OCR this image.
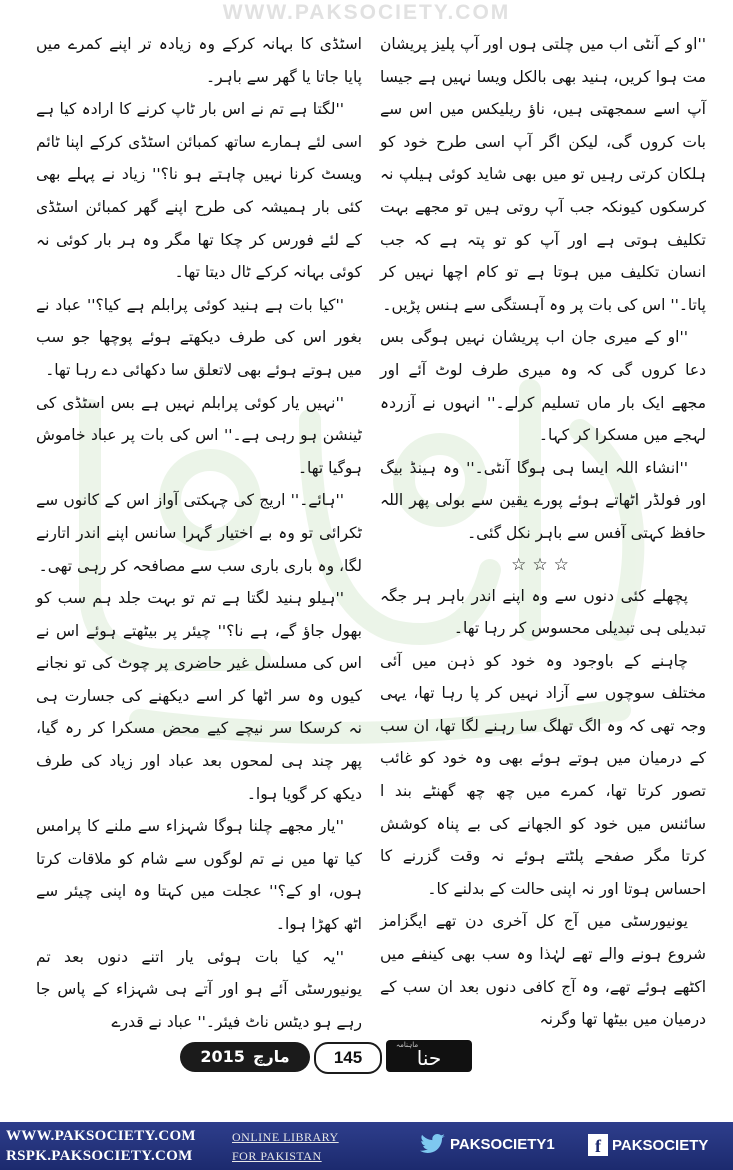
WWW.PAKSOCIETY.COM

''او کے آنٹی اب میں چلتی ہوں اور آپ پلیز پریشان مت ہوا کریں، ہنید بھی بالکل ویسا نہیں ہے جیسا آپ اسے سمجھتی ہیں، ناؤ ریلیکس میں اس سے بات کروں گی، لیکن اگر آپ اسی طرح خود کو ہلکان کرتی رہیں تو میں بھی شاید کوئی ہیلپ نہ کرسکوں کیونکہ جب آپ روتی ہیں تو مجھے بہت تکلیف ہوتی ہے اور آپ کو تو پتہ ہے کہ جب انسان تکلیف میں ہوتا ہے تو کام اچھا نہیں کر پاتا۔'' اس کی بات پر وہ آہستگی سے ہنس پڑیں۔

''او کے میری جان اب پریشان نہیں ہوگی بس دعا کروں گی کہ وہ میری طرف لوٹ آئے اور مجھے ایک بار ماں تسلیم کرلے۔'' انہوں نے آزردہ لہجے میں مسکرا کر کہا۔

''انشاء اللہ ایسا ہی ہوگا آنٹی۔'' وہ ہینڈ بیگ اور فولڈر اٹھاتے ہوئے پورے یقین سے بولی پھر اللہ حافظ کہتی آفس سے باہر نکل گئی۔

☆☆☆

پچھلے کئی دنوں سے وہ اپنے اندر باہر ہر جگہ تبدیلی ہی تبدیلی محسوس کر رہا تھا۔

چاہنے کے باوجود وہ خود کو ذہن میں آئی مختلف سوچوں سے آزاد نہیں کر پا رہا تھا، یہی وجہ تھی کہ وہ الگ تھلگ سا رہنے لگا تھا، ان سب کے درمیان میں ہوتے ہوئے بھی وہ خود کو غائب تصور کرتا تھا، کمرے میں چھ چھ گھنٹے بند ا سائنس میں خود کو الجھانے کی بے پناہ کوشش کرتا مگر صفحے پلٹتے ہوئے نہ وقت گزرنے کا احساس ہوتا اور نہ اپنی حالت کے بدلنے کا۔

یونیورسٹی میں آج کل آخری دن تھے ایگزامز شروع ہونے والے تھے لہٰذا وہ سب بھی کینفے میں اکٹھے ہوئے تھے، وہ آج کافی دنوں بعد ان سب کے درمیان میں بیٹھا تھا وگرنہ

اسٹڈی کا بہانہ کرکے وہ زیادہ تر اپنے کمرے میں پایا جاتا یا گھر سے باہر۔

''لگتا ہے تم نے اس بار ٹاپ کرنے کا ارادہ کیا ہے اسی لئے ہمارے ساتھ کمبائن اسٹڈی کرکے اپنا ٹائم ویسٹ کرنا نہیں چاہتے ہو نا؟'' زیاد نے پہلے بھی کئی بار ہمیشہ کی طرح اپنے گھر کمبائن اسٹڈی کے لئے فورس کر چکا تھا مگر وہ ہر بار کوئی نہ کوئی بہانہ کرکے ٹال دیتا تھا۔

''کیا بات ہے ہنید کوئی پرابلم ہے کیا؟'' عباد نے بغور اس کی طرف دیکھتے ہوئے پوچھا جو سب میں ہوتے ہوئے بھی لاتعلق سا دکھائی دے رہا تھا۔

''نہیں یار کوئی پرابلم نہیں ہے بس اسٹڈی کی ٹینشن ہو رہی ہے۔'' اس کی بات پر عباد خاموش ہوگیا تھا۔

''ہائے۔'' اریج کی چہکتی آواز اس کے کانوں سے ٹکرائی تو وہ بے اختیار گہرا سانس اپنے اندر اتارنے لگا، وہ باری باری سب سے مصافحہ کر رہی تھی۔

''ہیلو ہنید لگتا ہے تم تو بہت جلد ہم سب کو بھول جاؤ گے، ہے نا؟'' چیئر پر بیٹھتے ہوئے اس نے اس کی مسلسل غیر حاضری پر چوٹ کی تو نجانے کیوں وہ سر اٹھا کر اسے دیکھنے کی جسارت ہی نہ کرسکا سر نیچے کیے محض مسکرا کر رہ گیا، پھر چند ہی لمحوں بعد عباد اور زیاد کی طرف دیکھ کر گویا ہوا۔

''یار مجھے چلنا ہوگا شہزاء سے ملنے کا پرامس کیا تھا میں نے تم لوگوں سے شام کو ملاقات کرتا ہوں، او کے؟'' عجلت میں کہتا وہ اپنی چیئر سے اٹھ کھڑا ہوا۔

''یہ کیا بات ہوئی یار اتنے دنوں بعد تم یونیورسٹی آئے ہو اور آتے ہی شہزاء کے پاس جا رہے ہو دیٹس ناٹ فیئر۔'' عباد نے قدرے

2015 مارچ	145
ماہنامہ
حنا
WWW.PAKSOCIETY.COM
RSPK.PAKSOCIETY.COM
ONLINE LIBRARY
FOR PAKISTAN
PAKSOCIETY1	f PAKSOCIETY
